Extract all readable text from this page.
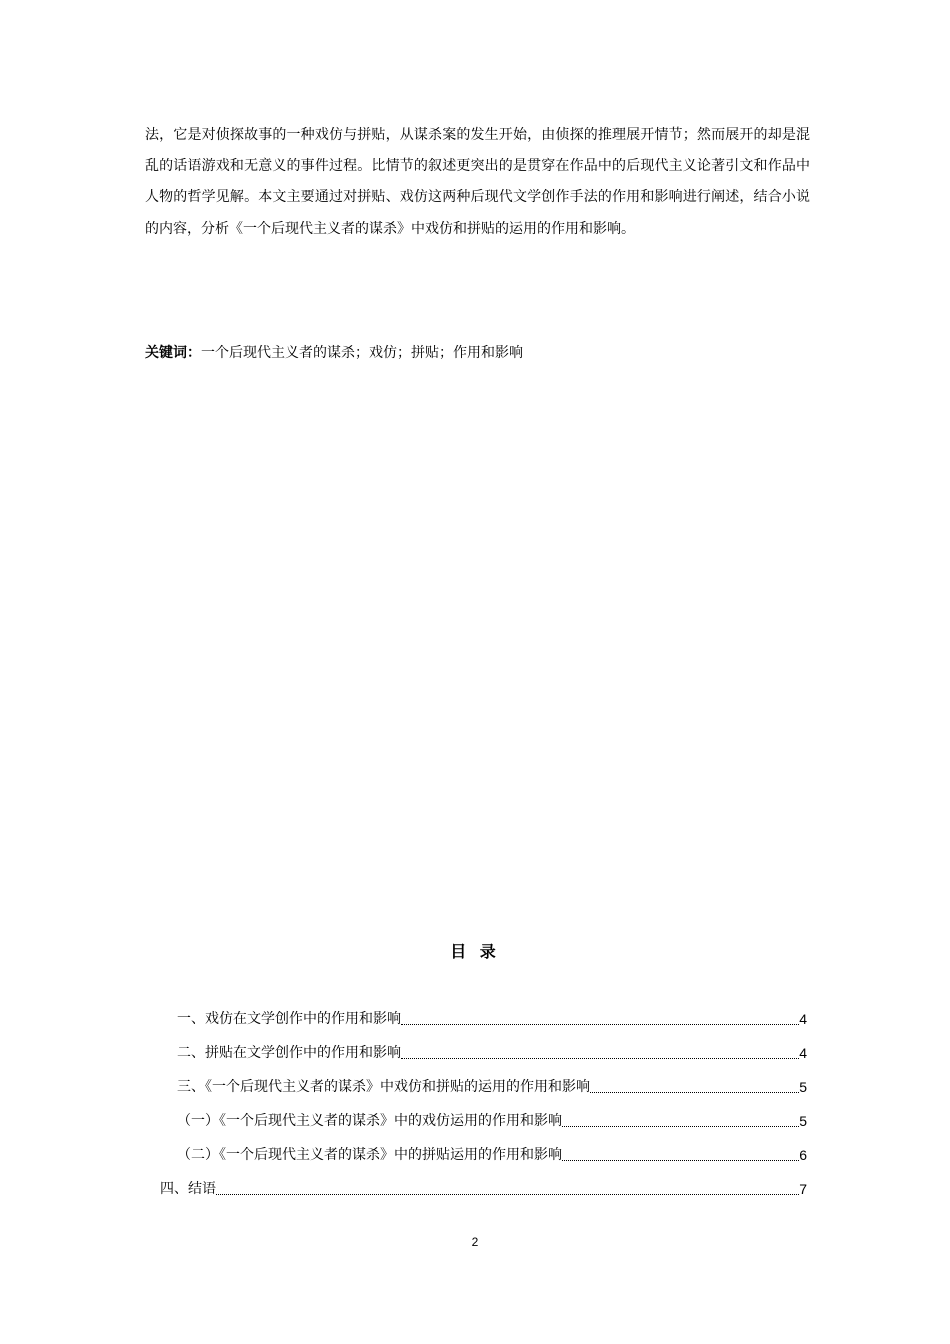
法，它是对侦探故事的一种戏仿与拼贴，从谋杀案的发生开始，由侦探的推理展开情节；然而展开的却是混乱的话语游戏和无意义的事件过程。比情节的叙述更突出的是贯穿在作品中的后现代主义论著引文和作品中人物的哲学见解。本文主要通过对拼贴、戏仿这两种后现代文学创作手法的作用和影响进行阐述，结合小说的内容，分析《一个后现代主义者的谋杀》中戏仿和拼贴的运用的作用和影响。

关键词：一个后现代主义者的谋杀；戏仿；拼贴；作用和影响
目 录
一、戏仿在文学创作中的作用和影响	4
二、拼贴在文学创作中的作用和影响	4
三、《一个后现代主义者的谋杀》中戏仿和拼贴的运用的作用和影响	5
（一）《一个后现代主义者的谋杀》中的戏仿运用的作用和影响	5
（二）《一个后现代主义者的谋杀》中的拼贴运用的作用和影响	6
四、结语	7
2
